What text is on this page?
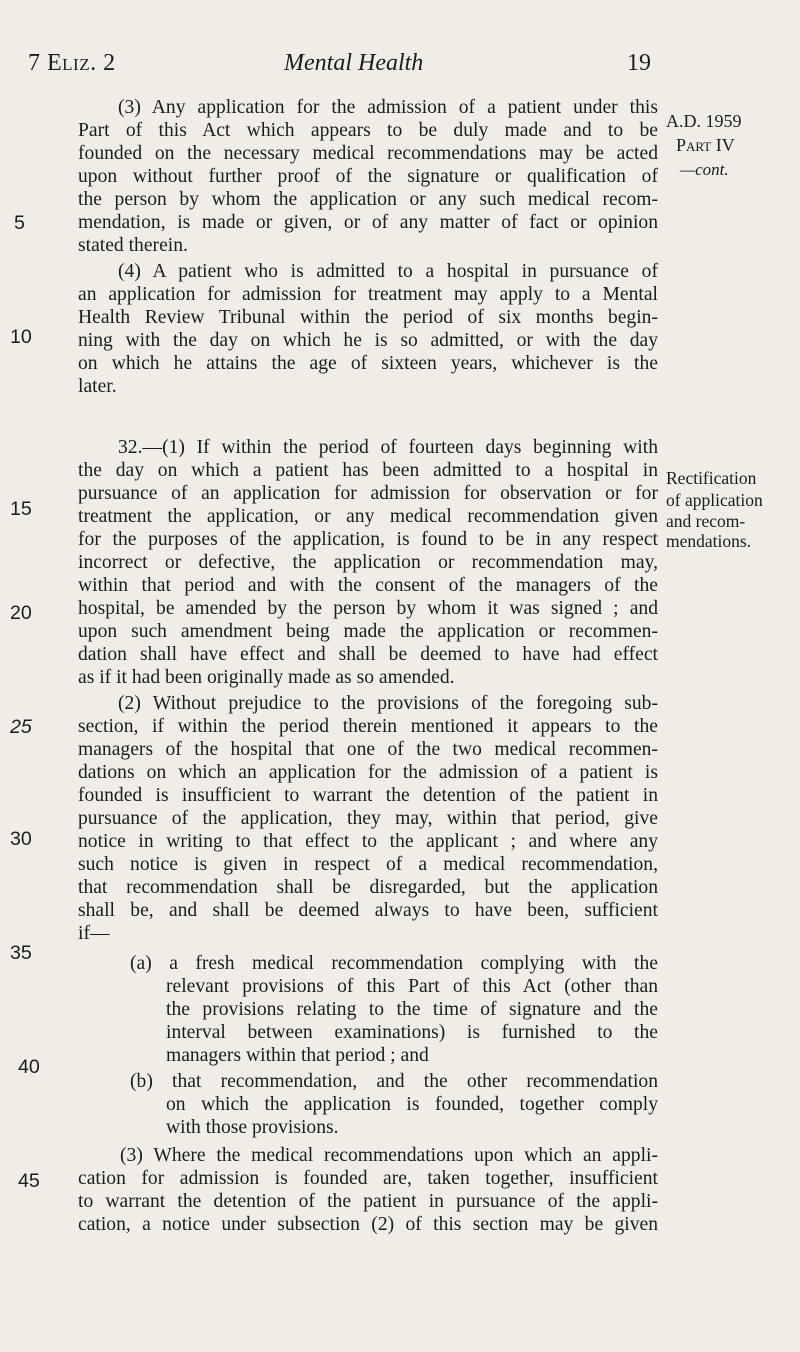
7 Eliz. 2	Mental Health	19
A.D. 1959
Part IV
—cont.
Rectification
of application
and recom-
mendations.
5
10
15
20
25
30
35
40
45
(3) Any application for the admission of a patient under this
Part of this Act which appears to be duly made and to be
founded on the necessary medical recommendations may be acted
upon without further proof of the signature or qualification of
the person by whom the application or any such medical recom-
mendation, is made or given, or of any matter of fact or opinion
stated therein.
(4) A patient who is admitted to a hospital in pursuance of
an application for admission for treatment may apply to a Mental
Health Review Tribunal within the period of six months begin-
ning with the day on which he is so admitted, or with the day
on which he attains the age of sixteen years, whichever is the
later.
32.—(1) If within the period of fourteen days beginning with
the day on which a patient has been admitted to a hospital in
pursuance of an application for admission for observation or for
treatment the application, or any medical recommendation given
for the purposes of the application, is found to be in any respect
incorrect or defective, the application or recommendation may,
within that period and with the consent of the managers of the
hospital, be amended by the person by whom it was signed ; and
upon such amendment being made the application or recommen-
dation shall have effect and shall be deemed to have had effect
as if it had been originally made as so amended.
(2) Without prejudice to the provisions of the foregoing sub-
section, if within the period therein mentioned it appears to the
managers of the hospital that one of the two medical recommen-
dations on which an application for the admission of a patient is
founded is insufficient to warrant the detention of the patient in
pursuance of the application, they may, within that period, give
notice in writing to that effect to the applicant ; and where any
such notice is given in respect of a medical recommendation,
that recommendation shall be disregarded, but the application
shall be, and shall be deemed always to have been, sufficient
if—
(a) a fresh medical recommendation complying with the
relevant provisions of this Part of this Act (other than
the provisions relating to the time of signature and the
interval between examinations) is furnished to the
managers within that period ; and
(b) that recommendation, and the other recommendation
on which the application is founded, together comply
with those provisions.
(3) Where the medical recommendations upon which an appli-
cation for admission is founded are, taken together, insufficient
to warrant the detention of the patient in pursuance of the appli-
cation, a notice under subsection (2) of this section may be given
